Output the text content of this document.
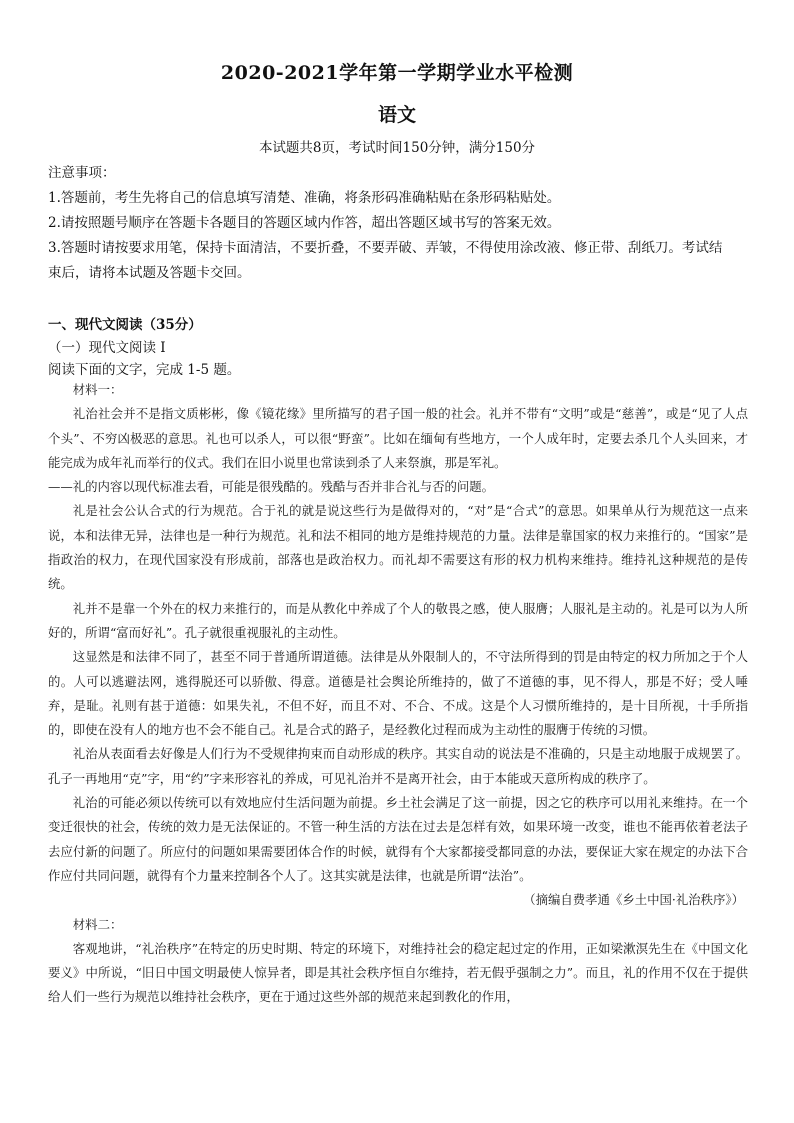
2020-2021学年第一学期学业水平检测
语文
本试题共8页，考试时间150分钟，满分150分
注意事项：
1.答题前，考生先将自己的信息填写清楚、准确，将条形码准确粘贴在条形码粘贴处。
2.请按照题号顺序在答题卡各题目的答题区域内作答，超出答题区域书写的答案无效。
3.答题时请按要求用笔，保持卡面清洁，不要折叠，不要弄破、弄皱，不得使用涂改液、修正带、刮纸刀。考试结
束后，请将本试题及答题卡交回。
一、现代文阅读（35分）
（一）现代文阅读 I
阅读下面的文字，完成 1-5 题。

材料一：

礼治社会并不是指文质彬彬，像《镜花缘》里所描写的君子国一般的社会。礼并不带有“文明”或是“慈善”，或是“见了人点个头”、不穷凶极恶的意思。礼也可以杀人，可以很“野蛮”。比如在缅甸有些地方，一个人成年时，定要去杀几个人头回来，才能完成为成年礼而举行的仪式。我们在旧小说里也常读到杀了人来祭旗，那是军礼。

——礼的内容以现代标准去看，可能是很残酷的。残酷与否并非合礼与否的问题。

礼是社会公认合式的行为规范。合于礼的就是说这些行为是做得对的，“对”是“合式”的意思。如果单从行为规范这一点来说，本和法律无异，法律也是一种行为规范。礼和法不相同的地方是维持规范的力量。法律是靠国家的权力来推行的。“国家”是指政治的权力，在现代国家没有形成前，部落也是政治权力。而礼却不需要这有形的权力机构来维持。维持礼这种规范的是传统。

礼并不是靠一个外在的权力来推行的，而是从教化中养成了个人的敬畏之感，使人服膺；人服礼是主动的。礼是可以为人所好的，所谓“富而好礼”。孔子就很重视服礼的主动性。

这显然是和法律不同了，甚至不同于普通所谓道德。法律是从外限制人的，不守法所得到的罚是由特定的权力所加之于个人的。人可以逃避法网，逃得脱还可以骄傲、得意。道德是社会舆论所维持的，做了不道德的事，见不得人，那是不好；受人唾弃，是耻。礼则有甚于道德：如果失礼，不但不好，而且不对、不合、不成。这是个人习惯所维持的，是十目所视，十手所指的，即使在没有人的地方也不会不能自己。礼是合式的路子，是经教化过程而成为主动性的服膺于传统的习惯。

礼治从表面看去好像是人们行为不受规律拘束而自动形成的秩序。其实自动的说法是不准确的，只是主动地服于成规罢了。孔子一再地用“克”字，用“约”字来形容礼的养成，可见礼治并不是离开社会，由于本能或天意所构成的秩序了。

礼治的可能必须以传统可以有效地应付生活问题为前提。乡土社会满足了这一前提，因之它的秩序可以用礼来维持。在一个变迁很快的社会，传统的效力是无法保证的。不管一种生活的方法在过去是怎样有效，如果环境一改变，谁也不能再依着老法子去应付新的问题了。所应付的问题如果需要团体合作的时候，就得有个大家都接受都同意的办法，要保证大家在规定的办法下合作应付共同问题，就得有个力量来控制各个人了。这其实就是法律，也就是所谓“法治”。

（摘编自费孝通《乡土中国·礼治秩序》）

材料二：

客观地讲，“礼治秩序”在特定的历史时期、特定的环境下，对维持社会的稳定起过定的作用，正如梁漱溟先生在《中国文化要义》中所说，“旧日中国文明最使人惊异者，即是其社会秩序恒自尔维持，若无假乎强制之力”。而且，礼的作用不仅在于提供给人们一些行为规范以维持社会秩序，更在于通过这些外部的规范来起到教化的作用，
